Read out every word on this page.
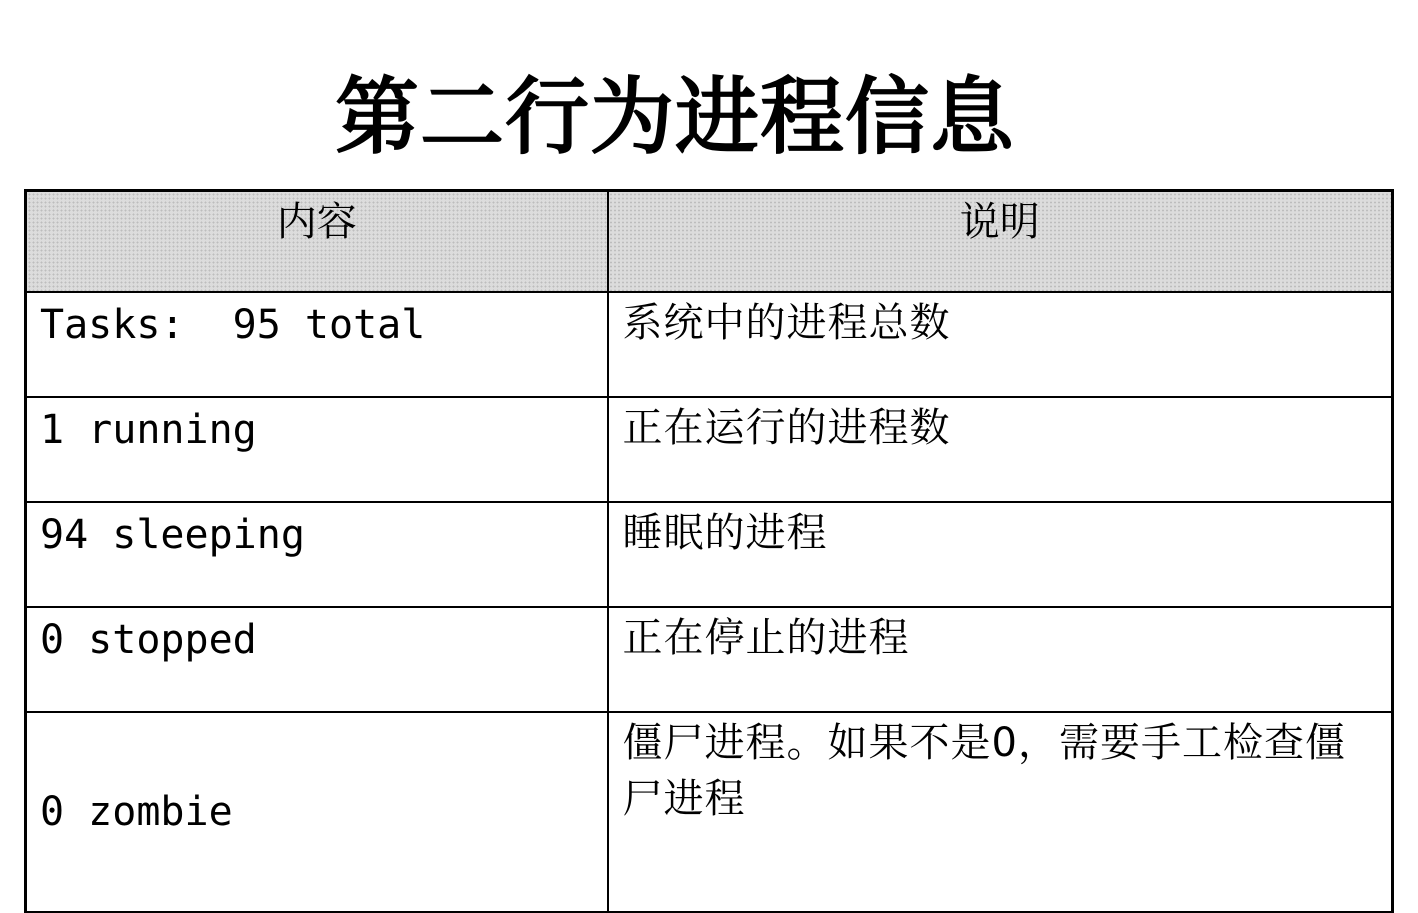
第二行为进程信息
内容	说明
Tasks:  95 total	系统中的进程总数
1 running	正在运行的进程数
94 sleeping	睡眠的进程
0 stopped	正在停止的进程
0 zombie	僵尸进程。如果不是0，需要手工检查僵尸进程
